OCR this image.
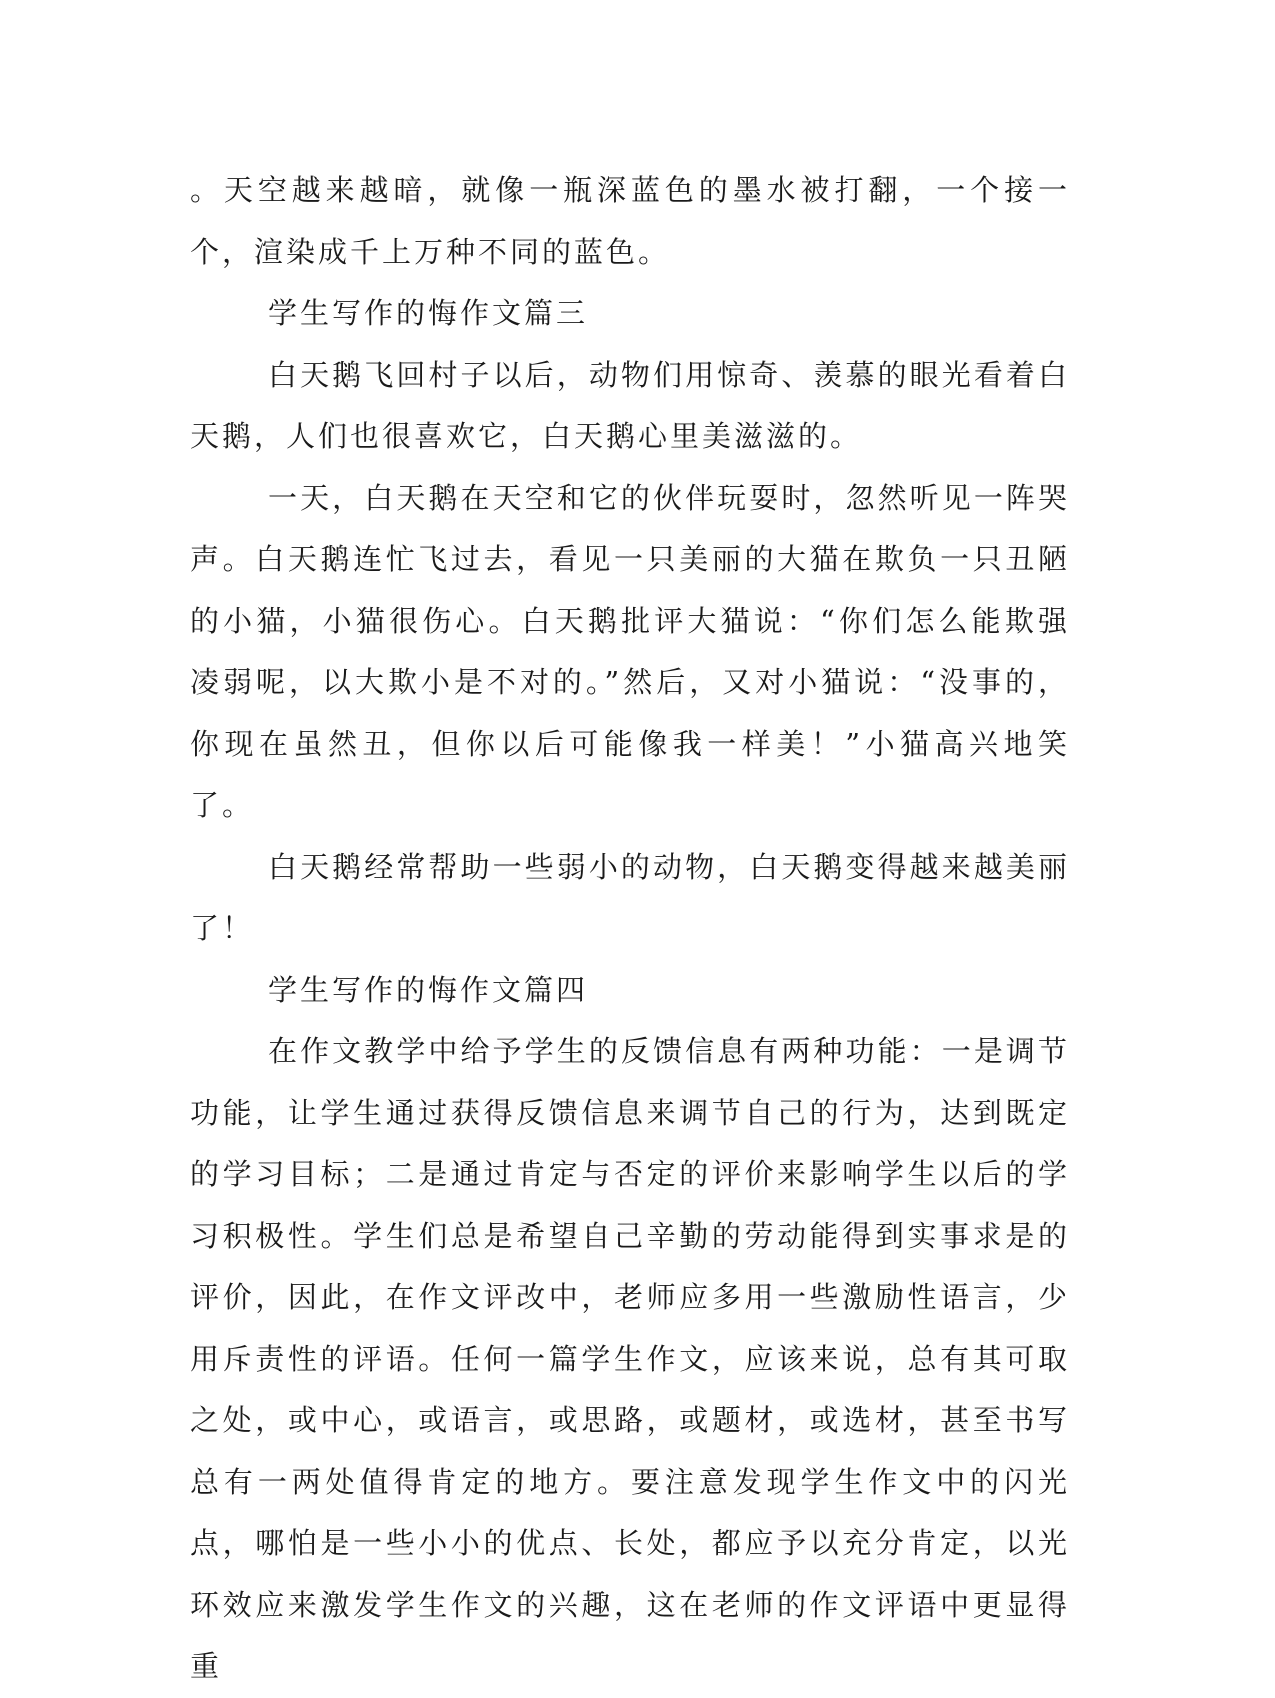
。天空越来越暗，就像一瓶深蓝色的墨水被打翻，一个接一个，渲染成千上万种不同的蓝色。

学生写作的悔作文篇三

白天鹅飞回村子以后，动物们用惊奇、羡慕的眼光看着白天鹅，人们也很喜欢它，白天鹅心里美滋滋的。

一天，白天鹅在天空和它的伙伴玩耍时，忽然听见一阵哭声。白天鹅连忙飞过去，看见一只美丽的大猫在欺负一只丑陋的小猫，小猫很伤心。白天鹅批评大猫说：“你们怎么能欺强凌弱呢，以大欺小是不对的。”然后，又对小猫说：“没事的，你现在虽然丑，但你以后可能像我一样美！”小猫高兴地笑了。

白天鹅经常帮助一些弱小的动物，白天鹅变得越来越美丽了！

学生写作的悔作文篇四

在作文教学中给予学生的反馈信息有两种功能：一是调节功能，让学生通过获得反馈信息来调节自己的行为，达到既定的学习目标；二是通过肯定与否定的评价来影响学生以后的学习积极性。学生们总是希望自己辛勤的劳动能得到实事求是的评价，因此，在作文评改中，老师应多用一些激励性语言，少用斥责性的评语。任何一篇学生作文，应该来说，总有其可取之处，或中心，或语言，或思路，或题材，或选材，甚至书写总有一两处值得肯定的地方。要注意发现学生作文中的闪光点，哪怕是一些小小的优点、长处，都应予以充分肯定，以光环效应来激发学生作文的兴趣，这在老师的作文评语中更显得重
